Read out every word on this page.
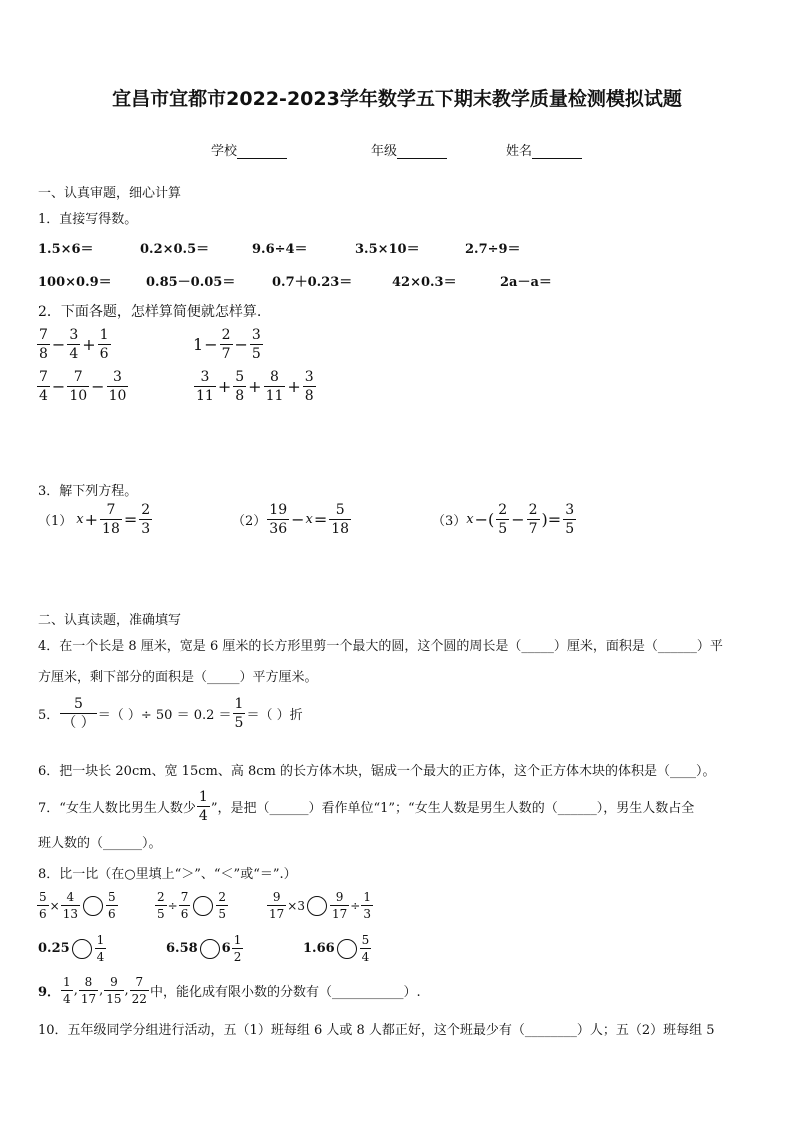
宜昌市宜都市2022-2023学年数学五下期末教学质量检测模拟试题
学校	年级	姓名
一、认真审题，细心计算
1．直接写得数。
1.5×6＝	0.2×0.5＝	9.6÷4＝	3.5×10＝	2.7÷9＝
100×0.9＝	0.85－0.05＝	0.7＋0.23＝	42×0.3＝	2a－a＝
2．下面各题，怎样算简便就怎样算.
$\frac{7}{8} - \frac{3}{4} + \frac{1}{6}$	$1 - \frac{2}{7} - \frac{3}{5}$
$\frac{7}{4} - \frac{7}{10} - \frac{3}{10}$	$\frac{3}{11} + \frac{5}{8} + \frac{8}{11} + \frac{3}{8}$
3．解下列方程。
（1） $x + \frac{7}{18} = \frac{2}{3}$	$(2) \frac{19}{36} - x = \frac{5}{18}$	（3） x −( $\frac{2}{5} - \frac{2}{7}$ )= $\frac{3}{5}$
二、认真读题，准确填写
4．在一个长是 8 厘米，宽是 6 厘米的长方形里剪一个最大的圆，这个圆的周长是（_____）厘米，面积是（______）平
方厘米，剩下部分的面积是（_____）平方厘米。
5． $\frac{5}{( )}$ ＝（ ）÷ $50 = 0.2 = \frac{1}{5}$ ＝（ ）折
6．把一块长 20cm、宽 15cm、高 8cm 的长方体木块，锯成一个最大的正方体，这个正方体木块的体积是（____）。
7．“女生人数比男生人数少 $\frac{1}{4}$ ”，是把（______）看作单位“1”；“女生人数是男生人数的（______），男生人数占全
班人数的（______）。
8．比一比（在○里填上“＞”、“＜”或“＝”.）
$\frac{5}{6} \times \frac{4}{13} \frac{5}{6}$	$\frac{2}{5} \div \frac{7}{6} \frac{2}{5}$	$\frac{9}{17} \times 3 \frac{9}{17} \div \frac{1}{3}$
$0.25 \frac{1}{4}$	6.58 $6 \frac{1}{2}$	$1.66 \frac{5}{4}$
9． $\frac{1}{4}$ , $\frac{8}{17}$ , $\frac{9}{15}$ , $\frac{7}{22}$ 中，能化成有限小数的分数有（___________）.
10．五年级同学分组进行活动，五（1）班每组 6 人或 8 人都正好，这个班最少有（________）人；五（2）班每组 5
